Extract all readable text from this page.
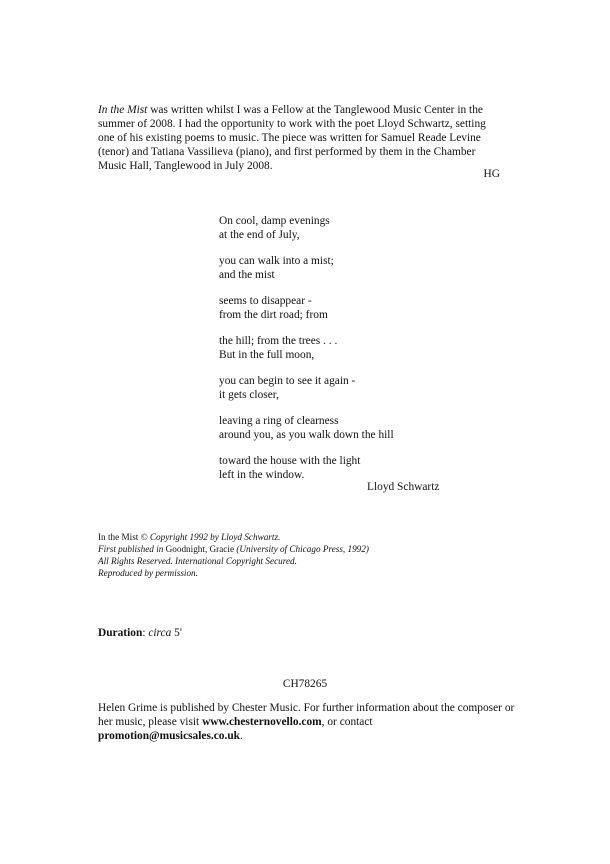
In the Mist was written whilst I was a Fellow at the Tanglewood Music Center in the summer of 2008. I had the opportunity to work with the poet Lloyd Schwartz, setting one of his existing poems to music. The piece was written for Samuel Reade Levine (tenor) and Tatiana Vassilieva (piano), and first performed by them in the Chamber Music Hall, Tanglewood in July 2008.

HG
On cool, damp evenings
at the end of July,
you can walk into a mist;
and the mist
seems to disappear -
from the dirt road; from
the hill; from the trees . . .
But in the full moon,
you can begin to see it again -
it gets closer,
leaving a ring of clearness
around you, as you walk down the hill
toward the house with the light
left in the window.
Lloyd Schwartz
In the Mist © Copyright 1992 by Lloyd Schwartz.
First published in Goodnight, Gracie (University of Chicago Press, 1992)
All Rights Reserved. International Copyright Secured.
Reproduced by permission.
Duration: circa 5'
CH78265

Helen Grime is published by Chester Music. For further information about the composer or her music, please visit www.chesternovello.com, or contact promotion@musicsales.co.uk.
